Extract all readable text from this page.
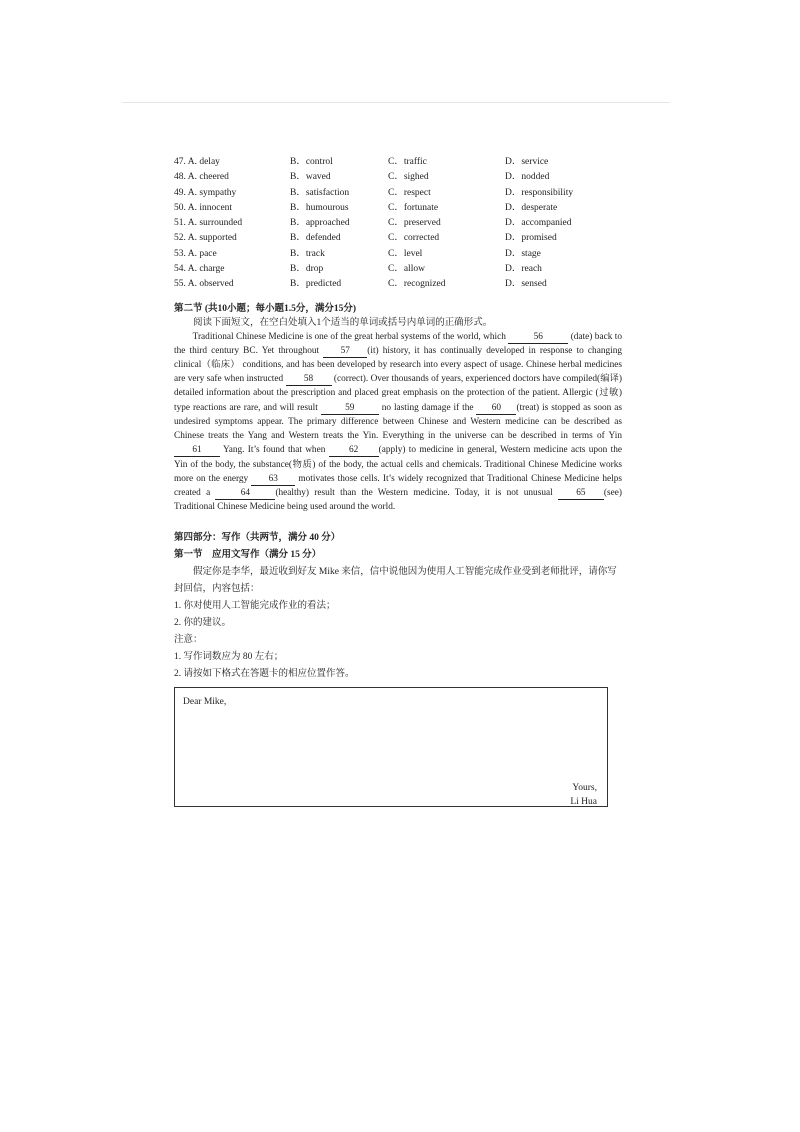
47. A. delay	B．control	C．traffic	D．service
48. A. cheered	B．waved	C．sighed	D．nodded
49. A. sympathy	B．satisfaction	C．respect	D．responsibility
50. A. innocent	B．humourous	C．fortunate	D．desperate
51. A. surrounded	B．approached	C．preserved	D．accompanied
52. A. supported	B．defended	C．corrected	D．promised
53. A. pace	B．track	C．level	D．stage
54. A. charge	B．drop	C．allow	D．reach
55. A. observed	B．predicted	C．recognized	D．sensed
第二节 (共10小题；每小题1.5分，满分15分)
阅读下面短文，在空白处填入1个适当的单词或括号内单词的正确形式。

Traditional Chinese Medicine is one of the great herbal systems of the world, which	56	(date) back to the third century BC. Yet throughout 57 (it) history, it has continually developed in response to changing clinical（临床） conditions, and has been developed by research into every aspect of usage. Chinese herbal medicines are very safe when instructed 58 (correct). Over thousands of years, experienced doctors have compiled(编译) detailed information about the prescription and placed great emphasis on the protection of the patient. Allergic (过敏) type reactions are rare, and will result	59	no lasting damage if the 60 (treat) is stopped as soon as undesired symptoms appear. The primary difference between Chinese and Western medicine can be described as Chinese treats the Yang and Western treats the Yin. Everything in the universe can be described in terms of Yin 61 Yang. It’s found that when 62 (apply) to medicine in general, Western medicine acts upon the Yin of the body, the substance(物质) of the body, the actual cells and chemicals. Traditional Chinese Medicine works more on the energy 63 motivates those cells. It’s widely recognized that Traditional Chinese Medicine helps created a	64	(healthy) result than the Western medicine. Today, it is not unusual 65 (see) Traditional Chinese Medicine being used around the world.

第四部分：写作（共两节，满分 40 分）
第一节　应用文写作（满分 15 分）
假定你是李华，最近收到好友 Mike 来信，信中说他因为使用人工智能完成作业受到老师批评，请你写封回信，内容包括：
1. 你对使用人工智能完成作业的看法；
2. 你的建议。
注意：
1. 写作词数应为 80 左右；
2. 请按如下格式在答题卡的相应位置作答。
Dear Mike,
Yours,
Li Hua
